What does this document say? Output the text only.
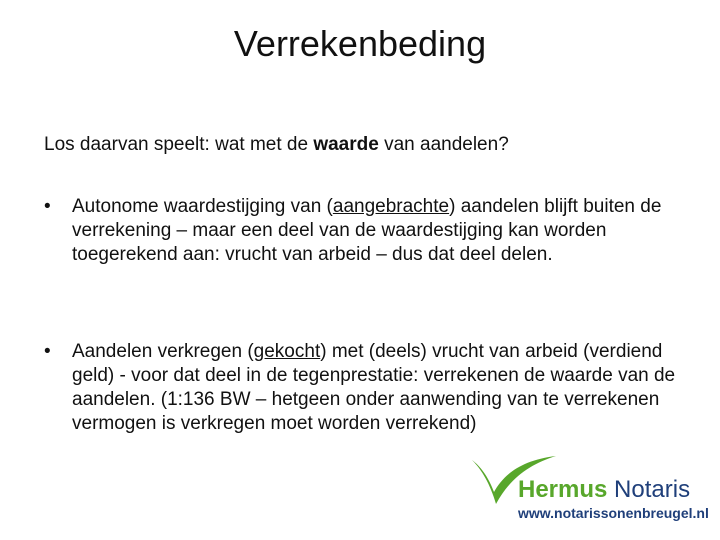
Verrekenbeding
Los daarvan speelt: wat met de waarde van aandelen?
• Autonome waardestijging van (aangebrachte) aandelen blijft buiten de verrekening – maar een deel van de waardestijging kan worden toegerekend aan: vrucht van arbeid – dus dat deel delen.
• Aandelen verkregen (gekocht) met (deels) vrucht van arbeid (verdiend geld) - voor dat deel in de tegenprestatie: verrekenen de waarde van de aandelen. (1:136 BW – hetgeen onder aanwending van te verrekenen vermogen is verkregen moet worden verrekend)
Hermus Notaris
www.notarissonenbreugel.nl
